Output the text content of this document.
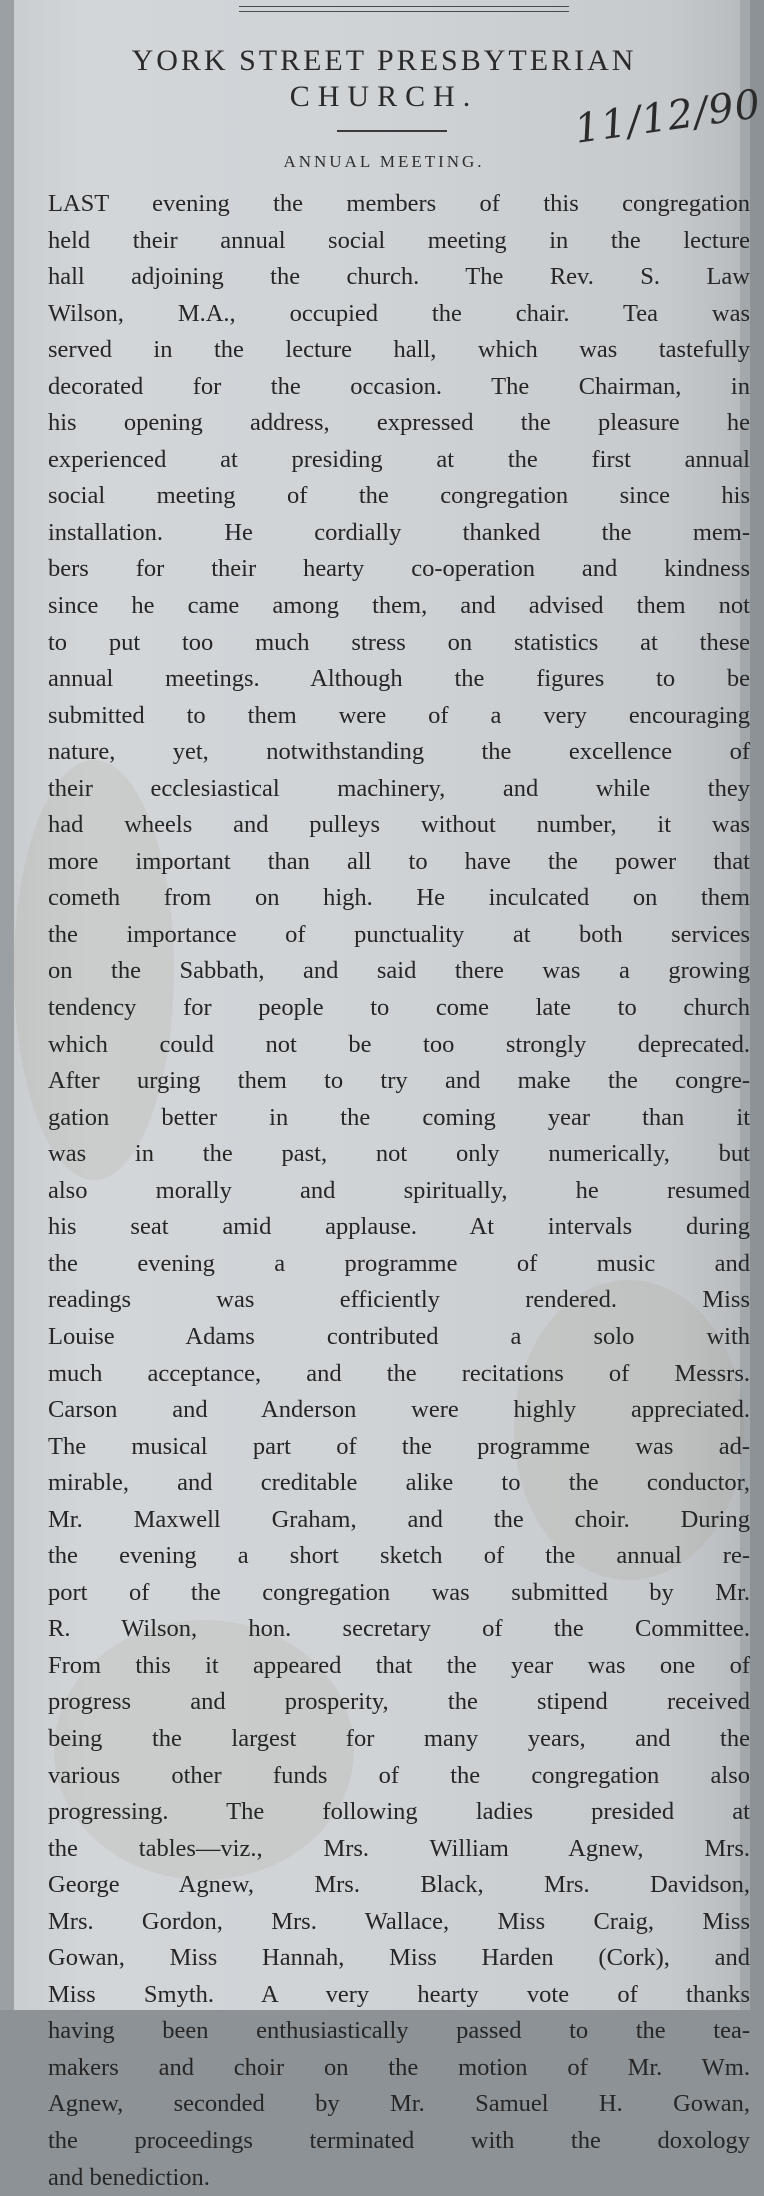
YORK STREET PRESBYTERIAN
CHURCH.
ANNUAL MEETING.
11/12/90
LAST evening the members of this congregation
held their annual social meeting in the lecture
hall adjoining the church. The Rev. S. Law
Wilson, M.A., occupied the chair. Tea was
served in the lecture hall, which was tastefully
decorated for the occasion. The Chairman, in
his opening address, expressed the pleasure he
experienced at presiding at the first annual
social meeting of the congregation since his
installation. He cordially thanked the mem-
bers for their hearty co-operation and kindness
since he came among them, and advised them not
to put too much stress on statistics at these
annual meetings. Although the figures to be
submitted to them were of a very encouraging
nature, yet, notwithstanding the excellence of
their ecclesiastical machinery, and while they
had wheels and pulleys without number, it was
more important than all to have the power that
cometh from on high. He inculcated on them
the importance of punctuality at both services
on the Sabbath, and said there was a growing
tendency for people to come late to church
which could not be too strongly deprecated.
After urging them to try and make the congre-
gation better in the coming year than it
was in the past, not only numerically, but
also morally and spiritually, he resumed
his seat amid applause. At intervals during
the evening a programme of music and
readings was efficiently rendered. Miss
Louise Adams contributed a solo with
much acceptance, and the recitations of Messrs.
Carson and Anderson were highly appreciated.
The musical part of the programme was ad-
mirable, and creditable alike to the conductor,
Mr. Maxwell Graham, and the choir. During
the evening a short sketch of the annual re-
port of the congregation was submitted by Mr.
R. Wilson, hon. secretary of the Committee.
From this it appeared that the year was one of
progress and prosperity, the stipend received
being the largest for many years, and the
various other funds of the congregation also
progressing. The following ladies presided at
the tables—viz., Mrs. William Agnew, Mrs.
George Agnew, Mrs. Black, Mrs. Davidson,
Mrs. Gordon, Mrs. Wallace, Miss Craig, Miss
Gowan, Miss Hannah, Miss Harden (Cork), and
Miss Smyth. A very hearty vote of thanks
having been enthusiastically passed to the tea-
makers and choir on the motion of Mr. Wm.
Agnew, seconded by Mr. Samuel H. Gowan,
the proceedings terminated with the doxology
and benediction.
